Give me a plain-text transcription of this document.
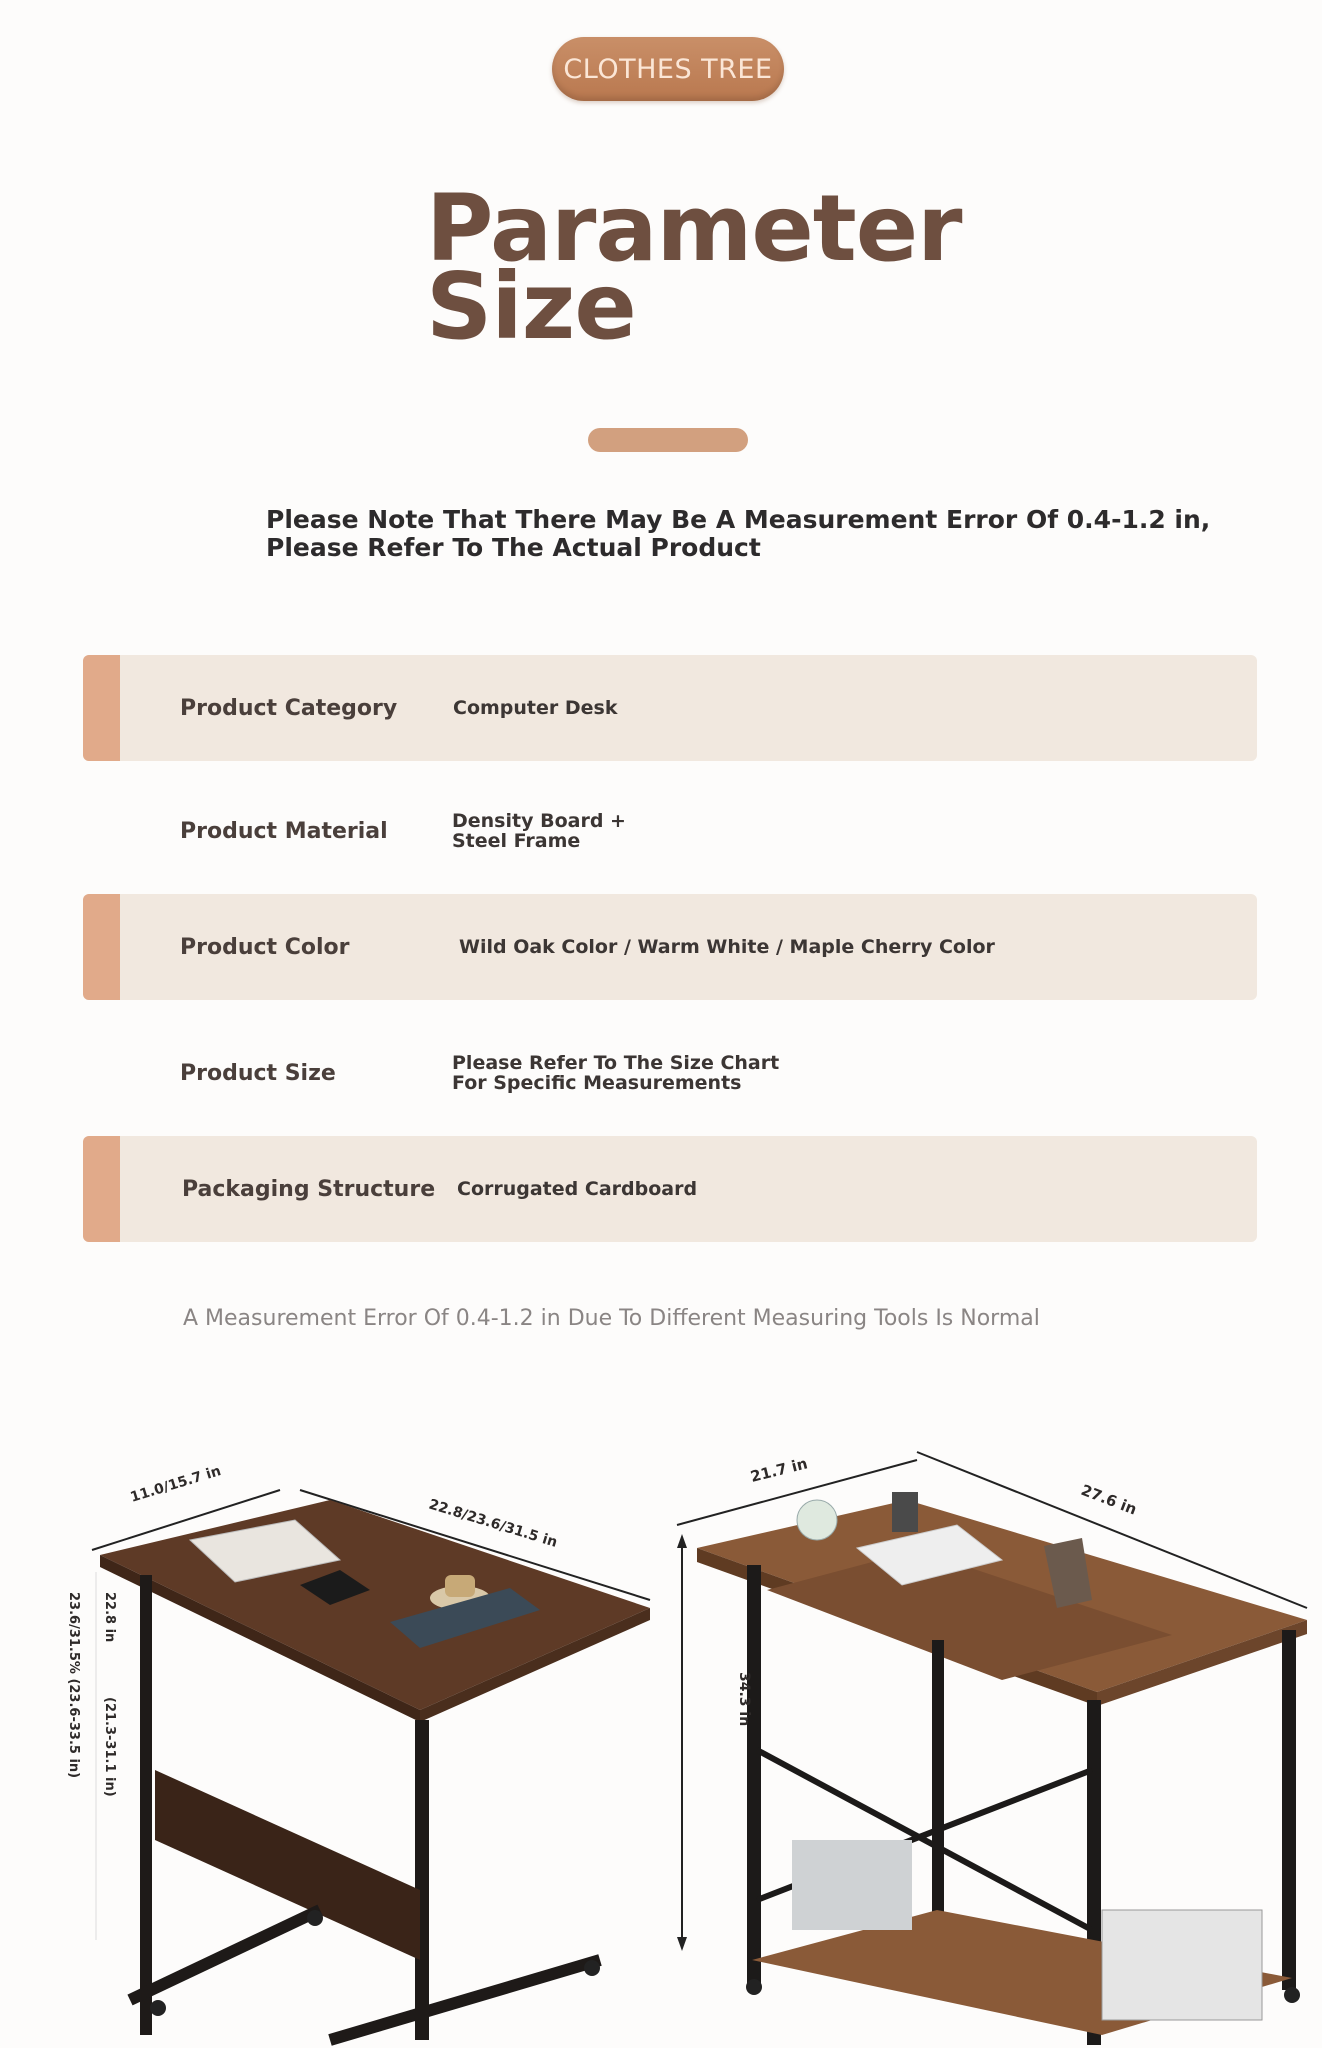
CLOTHES TREE
Parameter
Size
Please Note That There May Be A Measurement Error Of 0.4-1.2 in,
Please Refer To The Actual Product
Product Category	Computer Desk
Product Material	Density Board +
Steel Frame
Product Color	Wild Oak Color / Warm White / Maple Cherry Color
Product Size	Please Refer To The Size Chart
For Specific Measurements
Packaging Structure Corrugated Cardboard
A Measurement Error Of 0.4-1.2 in Due To Different Measuring Tools Is Normal
11.0/15.7 in
22.8/23.6/31.5 in
22.8 in
23.6/31.5% (23.6-33.5 in) (21.3-31.1 in)
21.7 in
27.6 in
34.3 in
